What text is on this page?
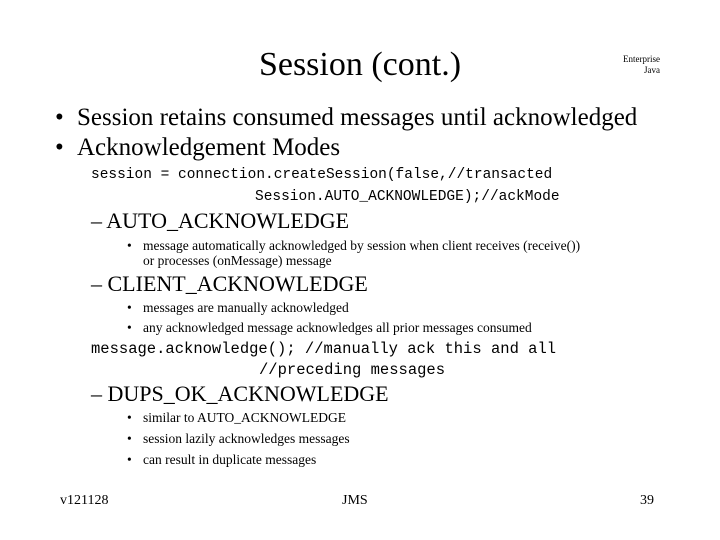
Session (cont.)	Enterprise
Java
• Session retains consumed messages until acknowledged
• Acknowledgement Modes
session = connection.createSession(false,//transacted
Session.AUTO_ACKNOWLEDGE);//ackMode
– AUTO_ACKNOWLEDGE
• message automatically acknowledged by session when client receives (receive())
or processes (onMessage) message
– CLIENT_ACKNOWLEDGE
• messages are manually acknowledged
• any acknowledged message acknowledges all prior messages consumed
message.acknowledge(); //manually ack this and all
//preceding messages
– DUPS_OK_ACKNOWLEDGE
• similar to AUTO_ACKNOWLEDGE
• session lazily acknowledges messages
• can result in duplicate messages
v121128	JMS	39
